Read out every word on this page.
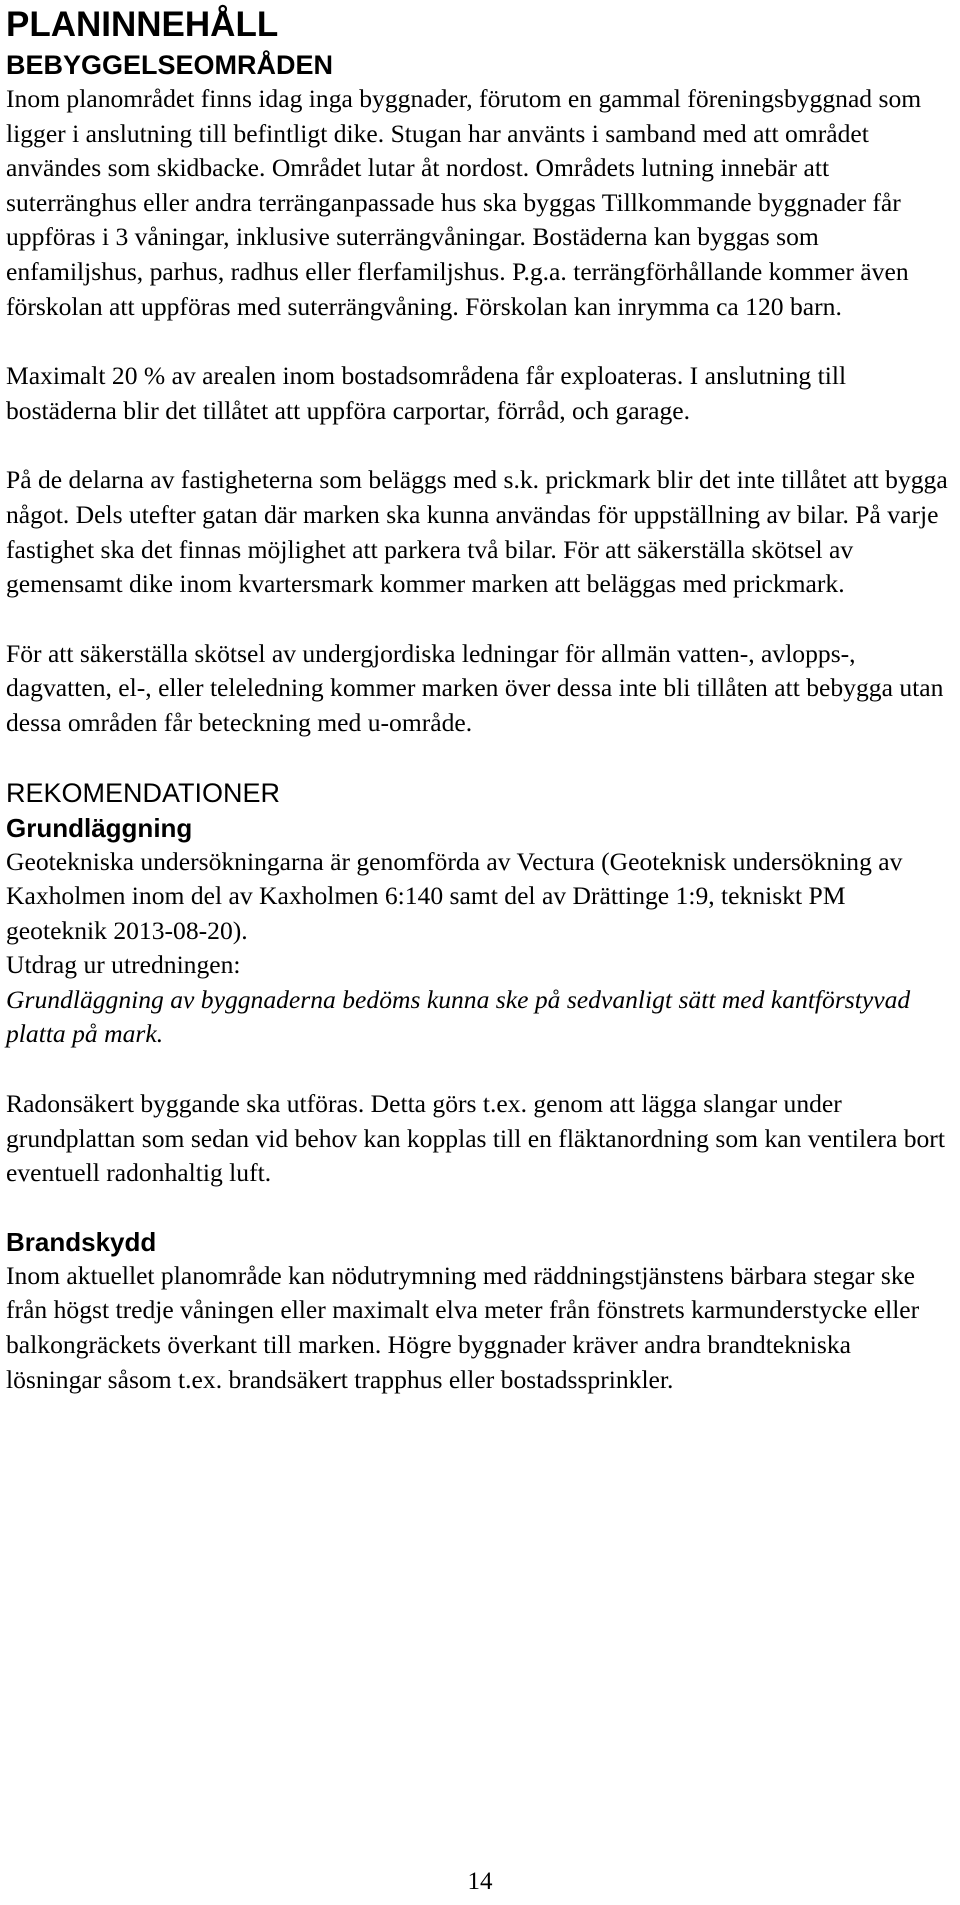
PLANINNEHÅLL
BEBYGGELSEOMRÅDEN

Inom planområdet finns idag inga byggnader, förutom en gammal föreningsbyggnad som ligger i anslutning till befintligt dike. Stugan har använts i samband med att området användes som skidbacke. Området lutar åt nordost. Områdets lutning innebär att suterränghus eller andra terränganpassade hus ska byggas Tillkommande byggnader får uppföras i 3 våningar, inklusive suterrängvåningar. Bostäderna kan byggas som enfamiljshus, parhus, radhus eller flerfamiljshus. P.g.a. terrängförhållande kommer även förskolan att uppföras med suterrängvåning. Förskolan kan inrymma ca 120 barn.

Maximalt 20 % av arealen inom bostadsområdena får exploateras. I anslutning till bostäderna blir det tillåtet att uppföra carportar, förråd, och garage.

På de delarna av fastigheterna som beläggs med s.k. prickmark blir det inte tillåtet att bygga något. Dels utefter gatan där marken ska kunna användas för uppställning av bilar. På varje fastighet ska det finnas möjlighet att parkera två bilar. För att säkerställa skötsel av gemensamt dike inom kvartersmark kommer marken att beläggas med prickmark.

För att säkerställa skötsel av undergjordiska ledningar för allmän vatten-, avlopps-, dagvatten, el-, eller teleledning kommer marken över dessa inte bli tillåten att bebygga utan dessa områden får beteckning med u-område.

REKOMENDATIONER
Grundläggning

Geotekniska undersökningarna är genomförda av Vectura (Geoteknisk undersökning av Kaxholmen inom del av Kaxholmen 6:140 samt del av Drättinge 1:9, tekniskt PM geoteknik 2013-08-20).

Utdrag ur utredningen:

Grundläggning av byggnaderna bedöms kunna ske på sedvanligt sätt med kantförstyvad platta på mark.

Radonsäkert byggande ska utföras. Detta görs t.ex. genom att lägga slangar under grundplattan som sedan vid behov kan kopplas till en fläktanordning som kan ventilera bort eventuell radonhaltig luft.

Brandskydd

Inom aktuellet planområde kan nödutrymning med räddningstjänstens bärbara stegar ske från högst tredje våningen eller maximalt elva meter från fönstrets karmunderstycke eller balkongräckets överkant till marken. Högre byggnader kräver andra brandtekniska lösningar såsom t.ex. brandsäkert trapphus eller bostadssprinkler.

14
